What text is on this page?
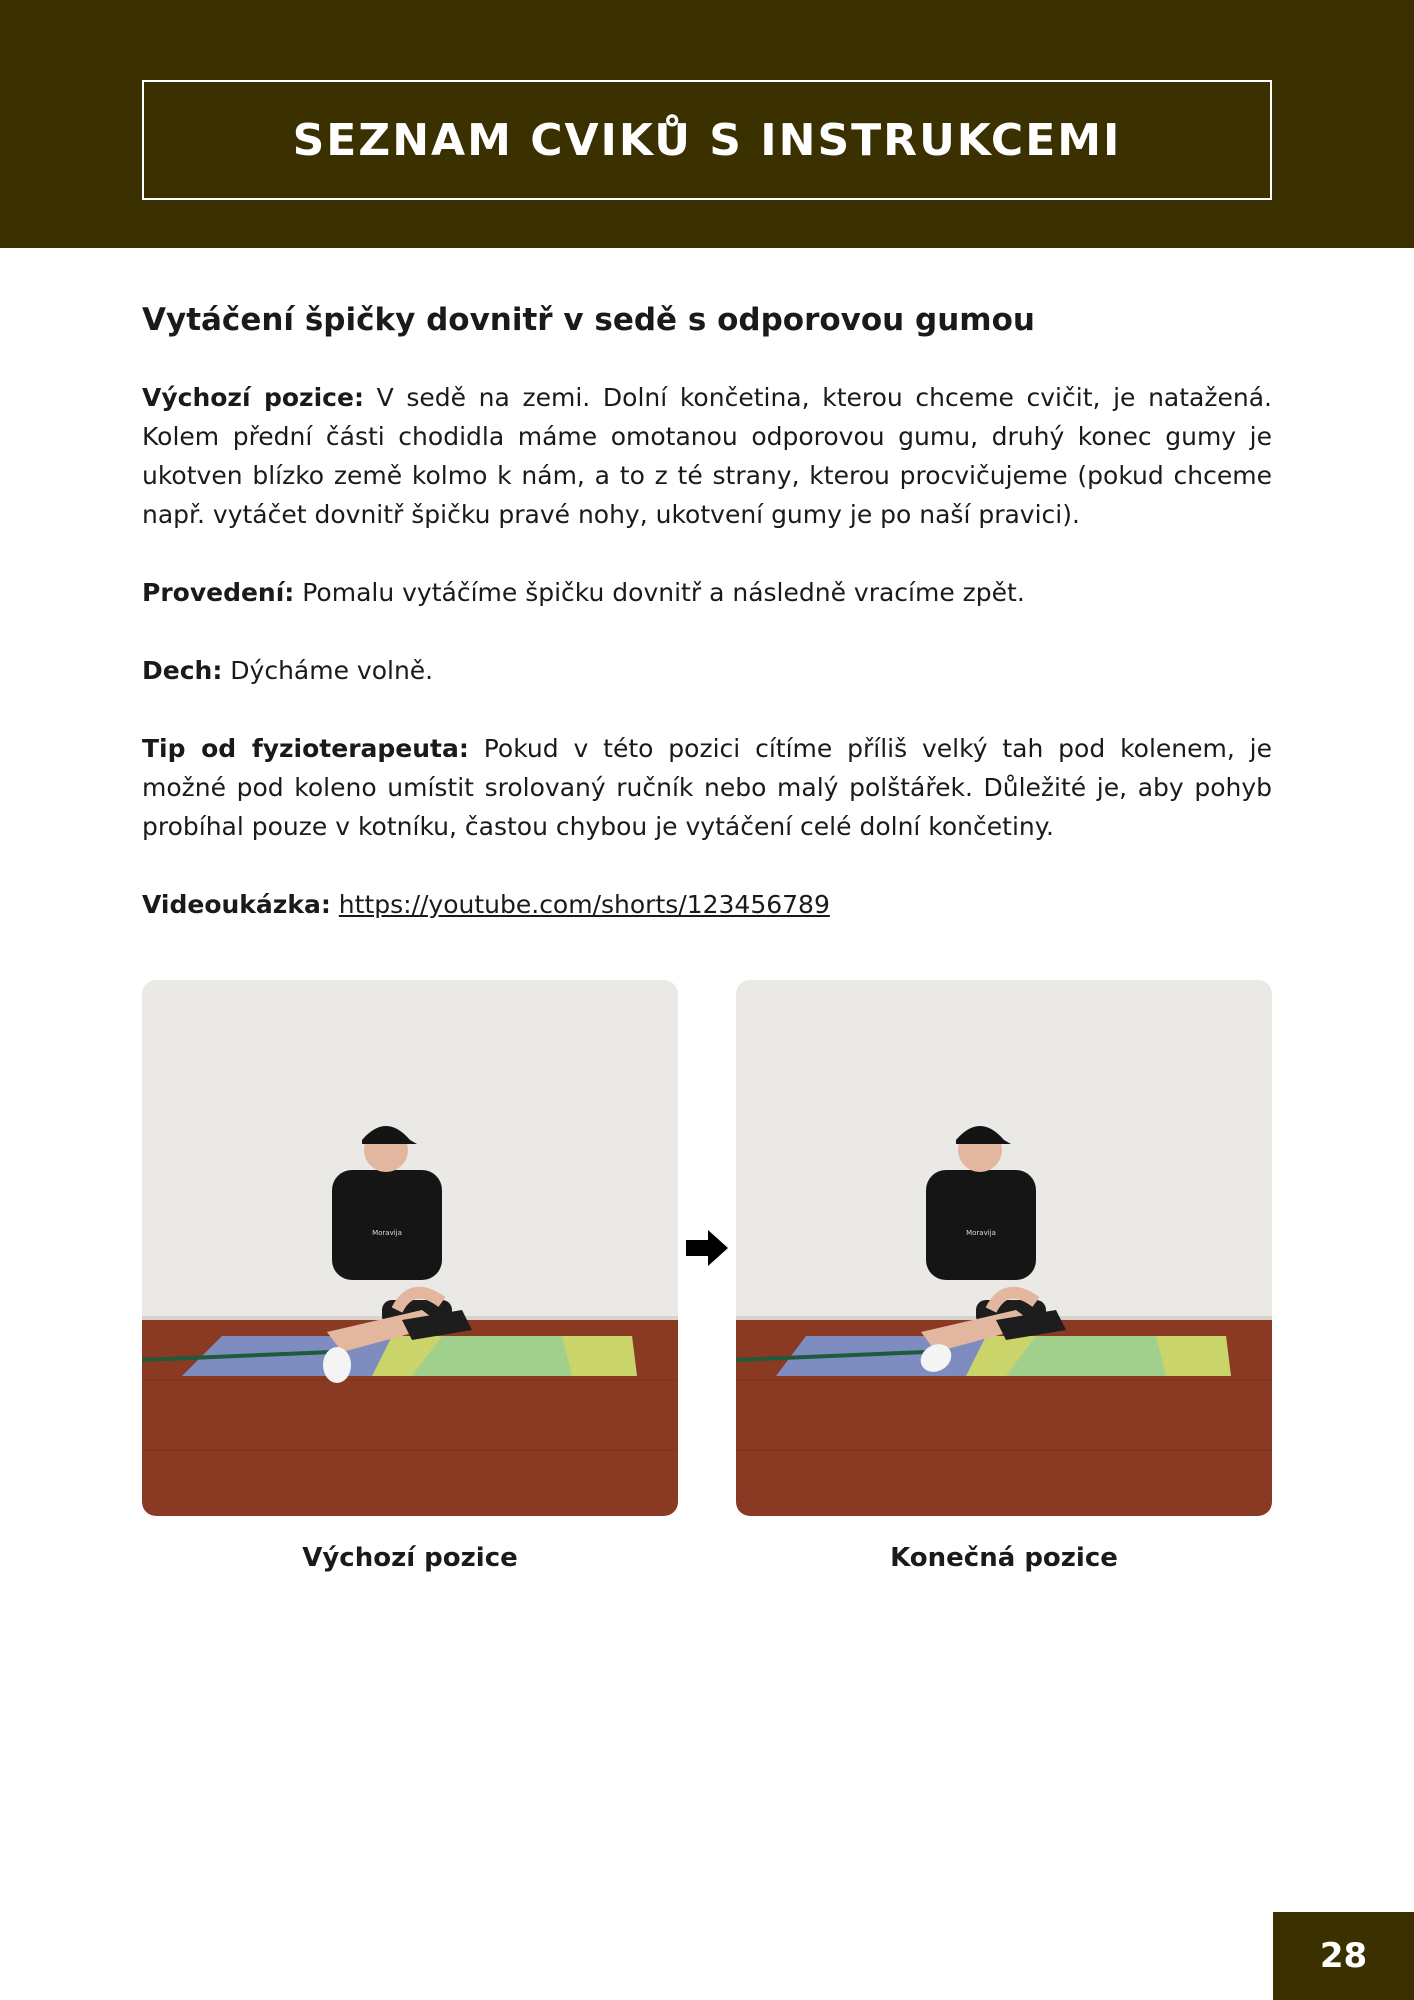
SEZNAM CVIKŮ S INSTRUKCEMI
Vytáčení špičky dovnitř v sedě s odporovou gumou

Výchozí pozice: V sedě na zemi. Dolní končetina, kterou chceme cvičit, je natažená. Kolem přední části chodidla máme omotanou odporovou gumu, druhý konec gumy je ukotven blízko země kolmo k nám, a to z té strany, kterou procvičujeme (pokud chceme např. vytáčet dovnitř špičku pravé nohy, ukotvení gumy je po naší pravici).

Provedení: Pomalu vytáčíme špičku dovnitř a následně vracíme zpět.

Dech: Dýcháme volně.

Tip od fyzioterapeuta: Pokud v této pozici cítíme příliš velký tah pod kolenem, je možné pod koleno umístit srolovaný ručník nebo malý polštářek. Důležité je, aby pohyb probíhal pouze v kotníku, častou chybou je vytáčení celé dolní končetiny.

Videoukázka: https://youtube.com/shorts/123456789

Moravija	Moravija
Výchozí pozice	Konečná pozice
28
